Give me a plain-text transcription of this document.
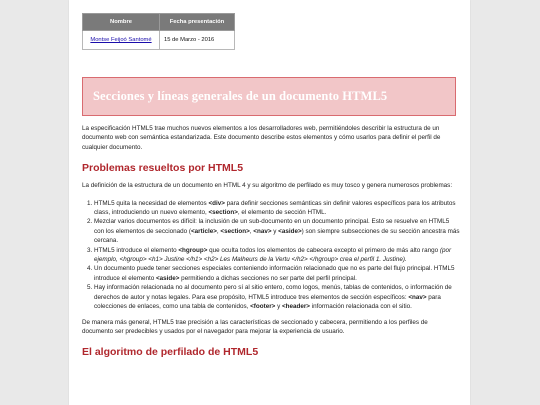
Nombre	Fecha presentación
Montse Feijoó Santomé	15 de Marzo - 2016
Secciones y líneas generales de un documento HTML5

La especificación HTML5 trae muchos nuevos elementos a los desarrolladores web, permitiéndoles describir la estructura de un documento web con semántica estandarizada. Este documento describe estos elementos y cómo usarlos para definir el perfil de cualquier documento.

Problemas resueltos por HTML5

La definición de la estructura de un documento en HTML 4 y su algoritmo de perfilado es muy tosco y genera numerosos problemas:

1. HTML5 quita la necesidad de elementos <div> para definir secciones semánticas sin definir valores específicos para los atributos class, introduciendo un nuevo elemento, <section>, el elemento de sección HTML.
2. Mezclar varios documentos es difícil: la inclusión de un sub-documento en un documento principal. Esto se resuelve en HTML5 con los elementos de seccionado (<article>, <section>, <nav> y <aside>) son siempre subsecciones de su sección ancestra más cercana.
3. HTML5 introduce el elemento <hgroup> que oculta todos los elementos de cabecera excepto el primero de más alto rango (por ejemplo, <hgroup> <h1> Justine </h1> <h2> Les Malheurs de la Vertu </h2> </hgroup> crea el perfil 1. Justine).
4. Un documento puede tener secciones especiales conteniendo información relacionado que no es parte del flujo principal. HTML5 introduce el elemento <aside> permitiendo a dichas secciones no ser parte del perfil principal.
5. Hay información relacionada no al documento pero sí al sitio entero, como logos, menús, tablas de contenidos, o información de derechos de autor y notas legales. Para ese propósito, HTML5 introduce tres elementos de sección específicos: <nav> para colecciones de enlaces, como una tabla de contenidos, <footer> y <header> información relacionada con el sitio.

De manera más general, HTML5 trae precisión a las características de seccionado y cabecera, permitiendo a los perfiles de documento ser predecibles y usados por el navegador para mejorar la experiencia de usuario.

El algoritmo de perfilado de HTML5
